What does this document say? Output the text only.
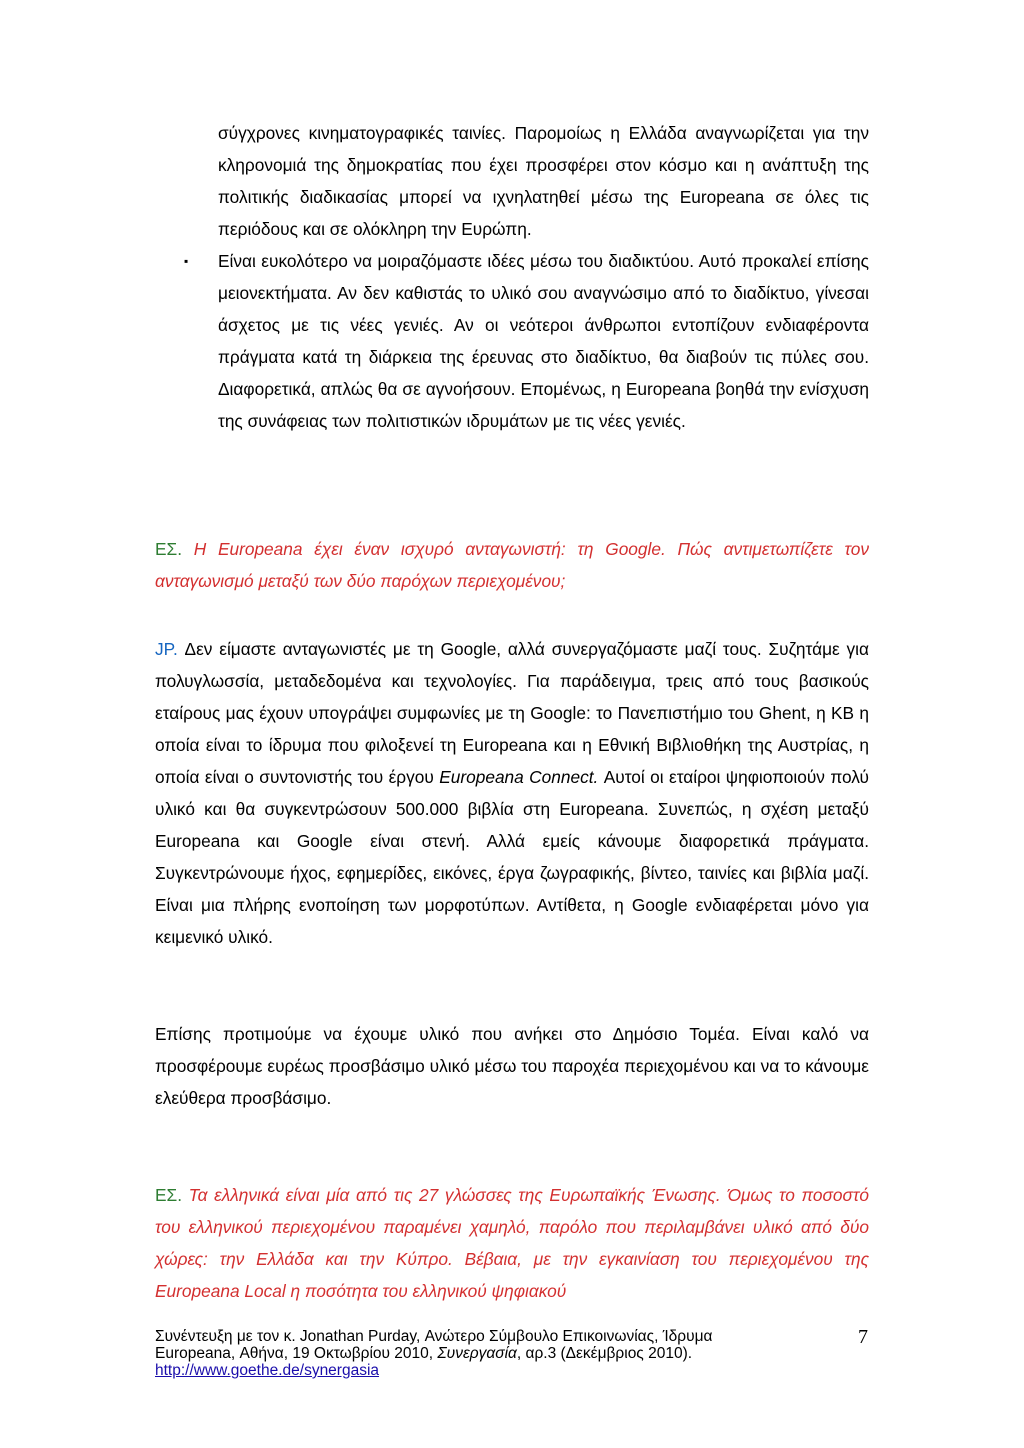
σύγχρονες κινηματογραφικές ταινίες. Παρομοίως η Ελλάδα αναγνωρίζεται για την κληρονομιά της δημοκρατίας που έχει προσφέρει στον κόσμο και η ανάπτυξη της πολιτικής διαδικασίας μπορεί να ιχνηλατηθεί μέσω της Europeana σε όλες τις περιόδους και σε ολόκληρη την Ευρώπη.

▪ Είναι ευκολότερο να μοιραζόμαστε ιδέες μέσω του διαδικτύου. Αυτό προκαλεί επίσης μειονεκτήματα. Αν δεν καθιστάς το υλικό σου αναγνώσιμο από το διαδίκτυο, γίνεσαι άσχετος με τις νέες γενιές. Αν οι νεότεροι άνθρωποι εντοπίζουν ενδιαφέροντα πράγματα κατά τη διάρκεια της έρευνας στο διαδίκτυο, θα διαβούν τις πύλες σου. Διαφορετικά, απλώς θα σε αγνοήσουν. Επομένως, η Europeana βοηθά την ενίσχυση της συνάφειας των πολιτιστικών ιδρυμάτων με τις νέες γενιές.

ΕΣ. Η Europeana έχει έναν ισχυρό ανταγωνιστή: τη Google. Πώς αντιμετωπίζετε τον ανταγωνισμό μεταξύ των δύο παρόχων περιεχομένου;

JP. Δεν είμαστε ανταγωνιστές με τη Google, αλλά συνεργαζόμαστε μαζί τους. Συζητάμε για πολυγλωσσία, μεταδεδομένα και τεχνολογίες. Για παράδειγμα, τρεις από τους βασικούς εταίρους μας έχουν υπογράψει συμφωνίες με τη Google: το Πανεπιστήμιο του Ghent, η KB η οποία είναι το ίδρυμα που φιλοξενεί τη Europeana και η Εθνική Βιβλιοθήκη της Αυστρίας, η οποία είναι ο συντονιστής του έργου Europeana Connect. Αυτοί οι εταίροι ψηφιοποιούν πολύ υλικό και θα συγκεντρώσουν 500.000 βιβλία στη Europeana. Συνεπώς, η σχέση μεταξύ Europeana και Google είναι στενή. Αλλά εμείς κάνουμε διαφορετικά πράγματα. Συγκεντρώνουμε ήχος, εφημερίδες, εικόνες, έργα ζωγραφικής, βίντεο, ταινίες και βιβλία μαζί. Είναι μια πλήρης ενοποίηση των μορφοτύπων. Αντίθετα, η Google ενδιαφέρεται μόνο για κειμενικό υλικό.

Επίσης προτιμούμε να έχουμε υλικό που ανήκει στο Δημόσιο Τομέα. Είναι καλό να προσφέρουμε ευρέως προσβάσιμο υλικό μέσω του παροχέα περιεχομένου και να το κάνουμε ελεύθερα προσβάσιμο.

ΕΣ. Τα ελληνικά είναι μία από τις 27 γλώσσες της Ευρωπαϊκής Ένωσης. Όμως το ποσοστό του ελληνικού περιεχομένου παραμένει χαμηλό, παρόλο που περιλαμβάνει υλικό από δύο χώρες: την Ελλάδα και την Κύπρο. Βέβαια, με την εγκαινίαση του περιεχομένου της Europeana Local η ποσότητα του ελληνικού ψηφιακού

Συνέντευξη με τον κ. Jonathan Purday, Ανώτερο Σύμβουλο Επικοινωνίας, Ίδρυμα Europeana, Αθήνα, 19 Οκτωβρίου 2010, Συνεργασία, αρ.3 (Δεκέμβριος 2010).
http://www.goethe.de/synergasia
7
